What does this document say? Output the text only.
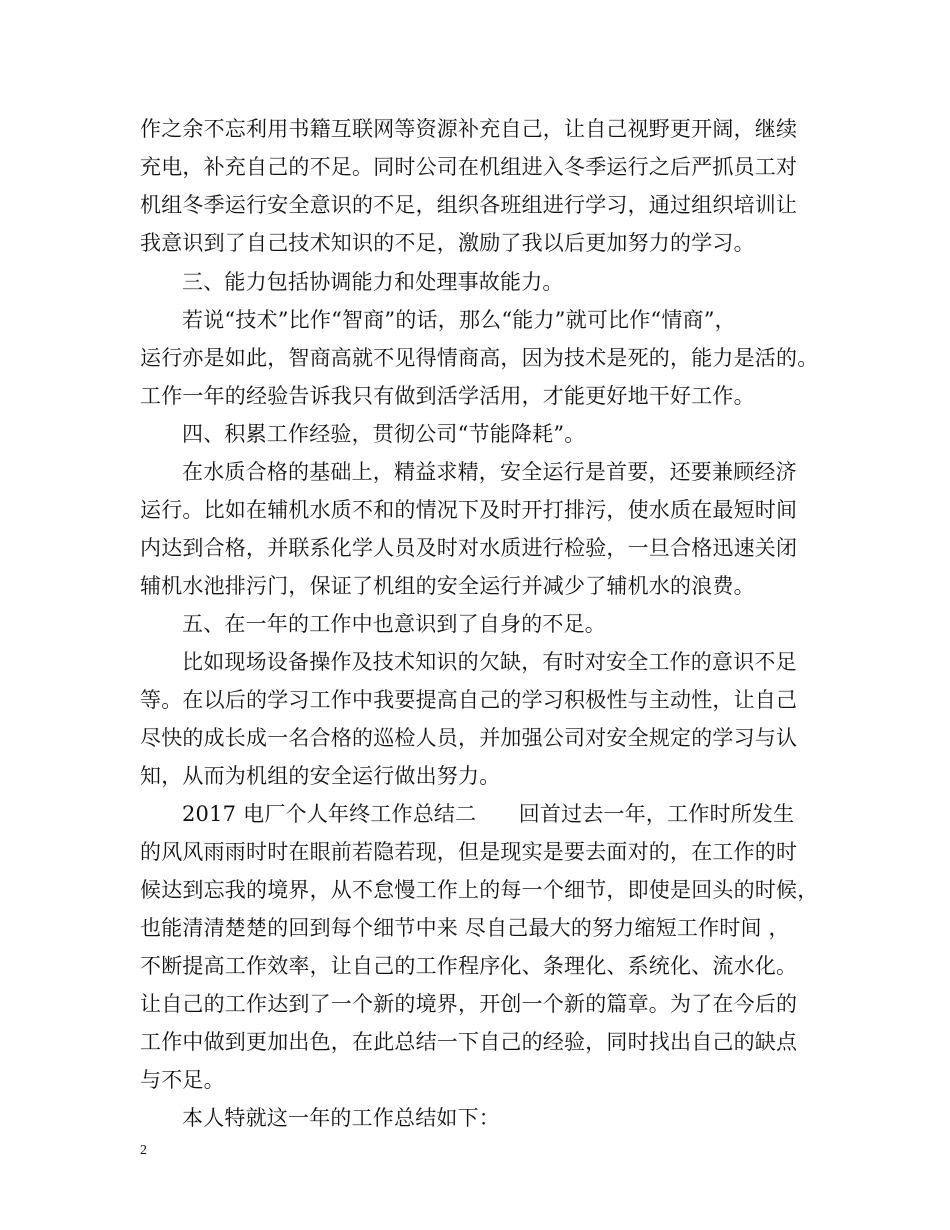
作之余不忘利用书籍互联网等资源补充自己，让自己视野更开阔，继续
充电，补充自己的不足。同时公司在机组进入冬季运行之后严抓员工对
机组冬季运行安全意识的不足，组织各班组进行学习，通过组织培训让
我意识到了自己技术知识的不足，激励了我以后更加努力的学习。
三、能力包括协调能力和处理事故能力。
若说“技术”比作“智商”的话，那么“能力”就可比作“情商”，
运行亦是如此，智商高就不见得情商高，因为技术是死的，能力是活的。
工作一年的经验告诉我只有做到活学活用，才能更好地干好工作。
四、积累工作经验，贯彻公司“节能降耗”。
在水质合格的基础上，精益求精，安全运行是首要，还要兼顾经济
运行。比如在辅机水质不和的情况下及时开打排污，使水质在最短时间
内达到合格，并联系化学人员及时对水质进行检验，一旦合格迅速关闭
辅机水池排污门，保证了机组的安全运行并减少了辅机水的浪费。
五、在一年的工作中也意识到了自身的不足。
比如现场设备操作及技术知识的欠缺，有时对安全工作的意识不足
等。在以后的学习工作中我要提高自己的学习积极性与主动性，让自己
尽快的成长成一名合格的巡检人员，并加强公司对安全规定的学习与认
知，从而为机组的安全运行做出努力。
2017 电厂个人年终工作总结二　　回首过去一年，工作时所发生
的风风雨雨时时在眼前若隐若现，但是现实是要去面对的，在工作的时
候达到忘我的境界，从不怠慢工作上的每一个细节，即使是回头的时候，
也能清清楚楚的回到每个细节中来 尽自己最大的努力缩短工作时间 ，
不断提高工作效率，让自己的工作程序化、条理化、系统化、流水化。
让自己的工作达到了一个新的境界，开创一个新的篇章。为了在今后的
工作中做到更加出色，在此总结一下自己的经验，同时找出自己的缺点
与不足。
本人特就这一年的工作总结如下：
2
